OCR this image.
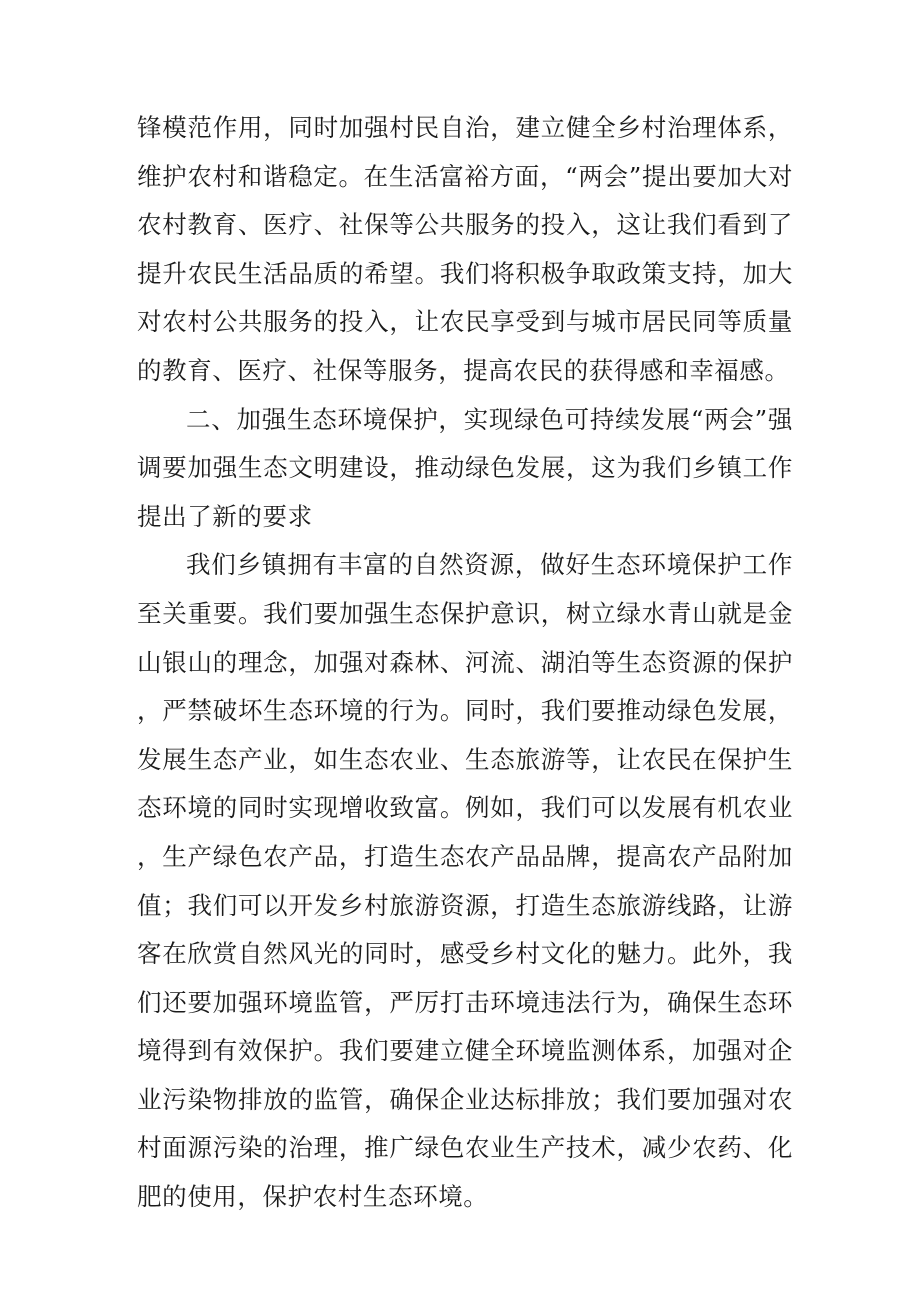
锋模范作用，同时加强村民自治，建立健全乡村治理体系，维护农村和谐稳定。在生活富裕方面，“两会”提出要加大对农村教育、医疗、社保等公共服务的投入，这让我们看到了提升农民生活品质的希望。我们将积极争取政策支持，加大对农村公共服务的投入，让农民享受到与城市居民同等质量的教育、医疗、社保等服务，提高农民的获得感和幸福感。

二、加强生态环境保护，实现绿色可持续发展“两会”强调要加强生态文明建设，推动绿色发展，这为我们乡镇工作提出了新的要求

我们乡镇拥有丰富的自然资源，做好生态环境保护工作至关重要。我们要加强生态保护意识，树立绿水青山就是金山银山的理念，加强对森林、河流、湖泊等生态资源的保护，严禁破坏生态环境的行为。同时，我们要推动绿色发展，发展生态产业，如生态农业、生态旅游等，让农民在保护生态环境的同时实现增收致富。例如，我们可以发展有机农业，生产绿色农产品，打造生态农产品品牌，提高农产品附加值；我们可以开发乡村旅游资源，打造生态旅游线路，让游客在欣赏自然风光的同时，感受乡村文化的魅力。此外，我们还要加强环境监管，严厉打击环境违法行为，确保生态环境得到有效保护。我们要建立健全环境监测体系，加强对企业污染物排放的监管，确保企业达标排放；我们要加强对农村面源污染的治理，推广绿色农业生产技术，减少农药、化肥的使用，保护农村生态环境。
